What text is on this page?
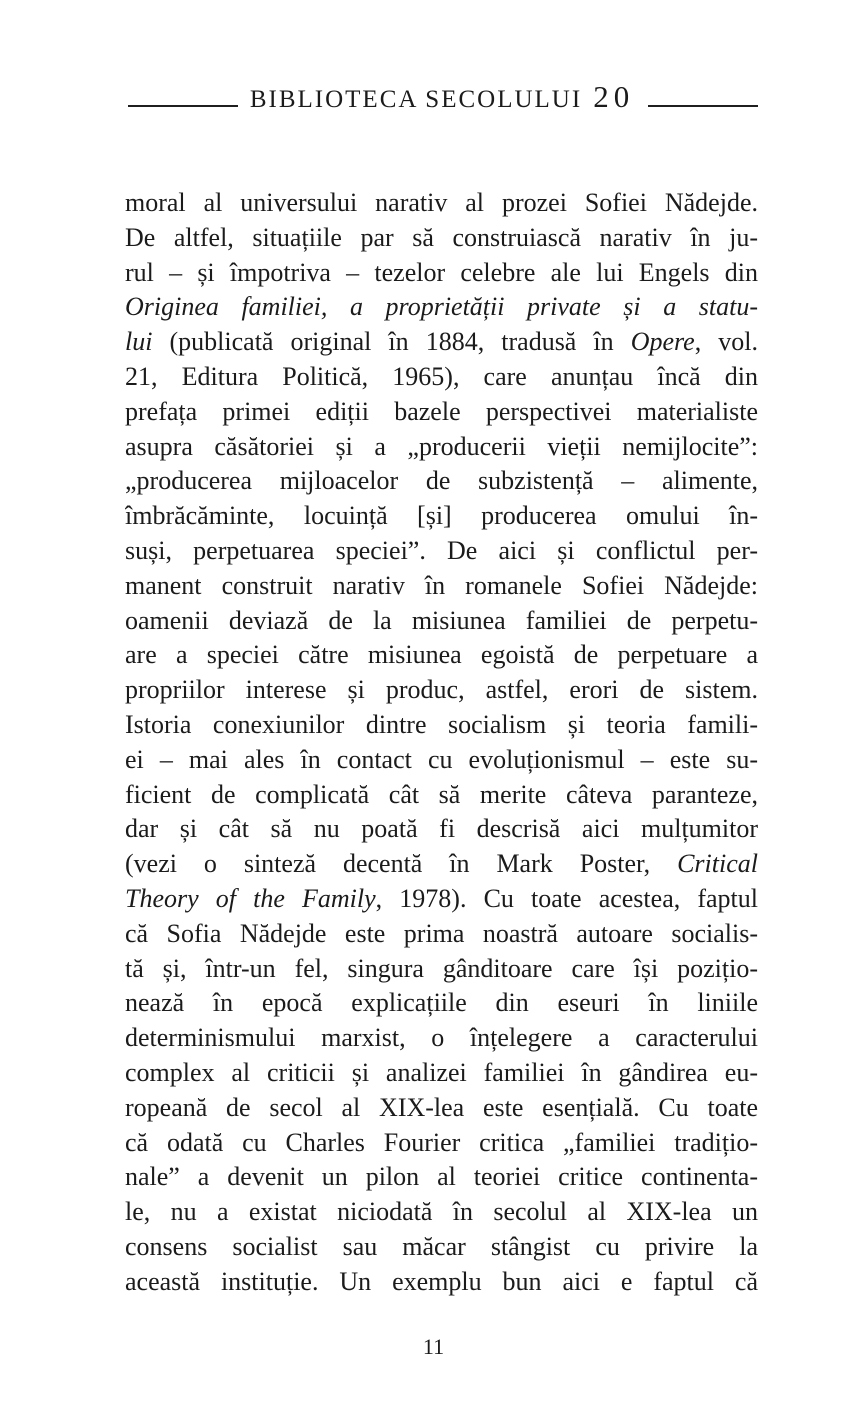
BIBLIOTECA SECOLULUI 20
moral al universului narativ al prozei Sofiei Nădejde.
De altfel, situațiile par să construiască narativ în ju-
rul – și împotriva – tezelor celebre ale lui Engels din
Originea familiei, a proprietății private și a statu-
lui (publicată original în 1884, tradusă în Opere, vol.
21, Editura Politică, 1965), care anunțau încă din
prefața primei ediții bazele perspectivei materialiste
asupra căsătoriei și a „producerii vieții nemijlocite”:
„producerea mijloacelor de subzistență – alimente,
îmbrăcăminte, locuință [și] producerea omului în-
suși, perpetuarea speciei”. De aici și conflictul per-
manent construit narativ în romanele Sofiei Nădejde:
oamenii deviază de la misiunea familiei de perpetu-
are a speciei către misiunea egoistă de perpetuare a
propriilor interese și produc, astfel, erori de sistem.
Istoria conexiunilor dintre socialism și teoria famili-
ei – mai ales în contact cu evoluționismul – este su-
ficient de complicată cât să merite câteva paranteze,
dar și cât să nu poată fi descrisă aici mulțumitor
(vezi o sinteză decentă în Mark Poster, Critical
Theory of the Family, 1978). Cu toate acestea, faptul
că Sofia Nădejde este prima noastră autoare socialis-
tă și, într-un fel, singura gânditoare care își pozițio-
nează în epocă explicațiile din eseuri în liniile
determinismului marxist, o înțelegere a caracterului
complex al criticii și analizei familiei în gândirea eu-
ropeană de secol al XIX-lea este esențială. Cu toate
că odată cu Charles Fourier critica „familiei tradițio-
nale” a devenit un pilon al teoriei critice continenta-
le, nu a existat niciodată în secolul al XIX-lea un
consens socialist sau măcar stângist cu privire la
această instituție. Un exemplu bun aici e faptul că
11
